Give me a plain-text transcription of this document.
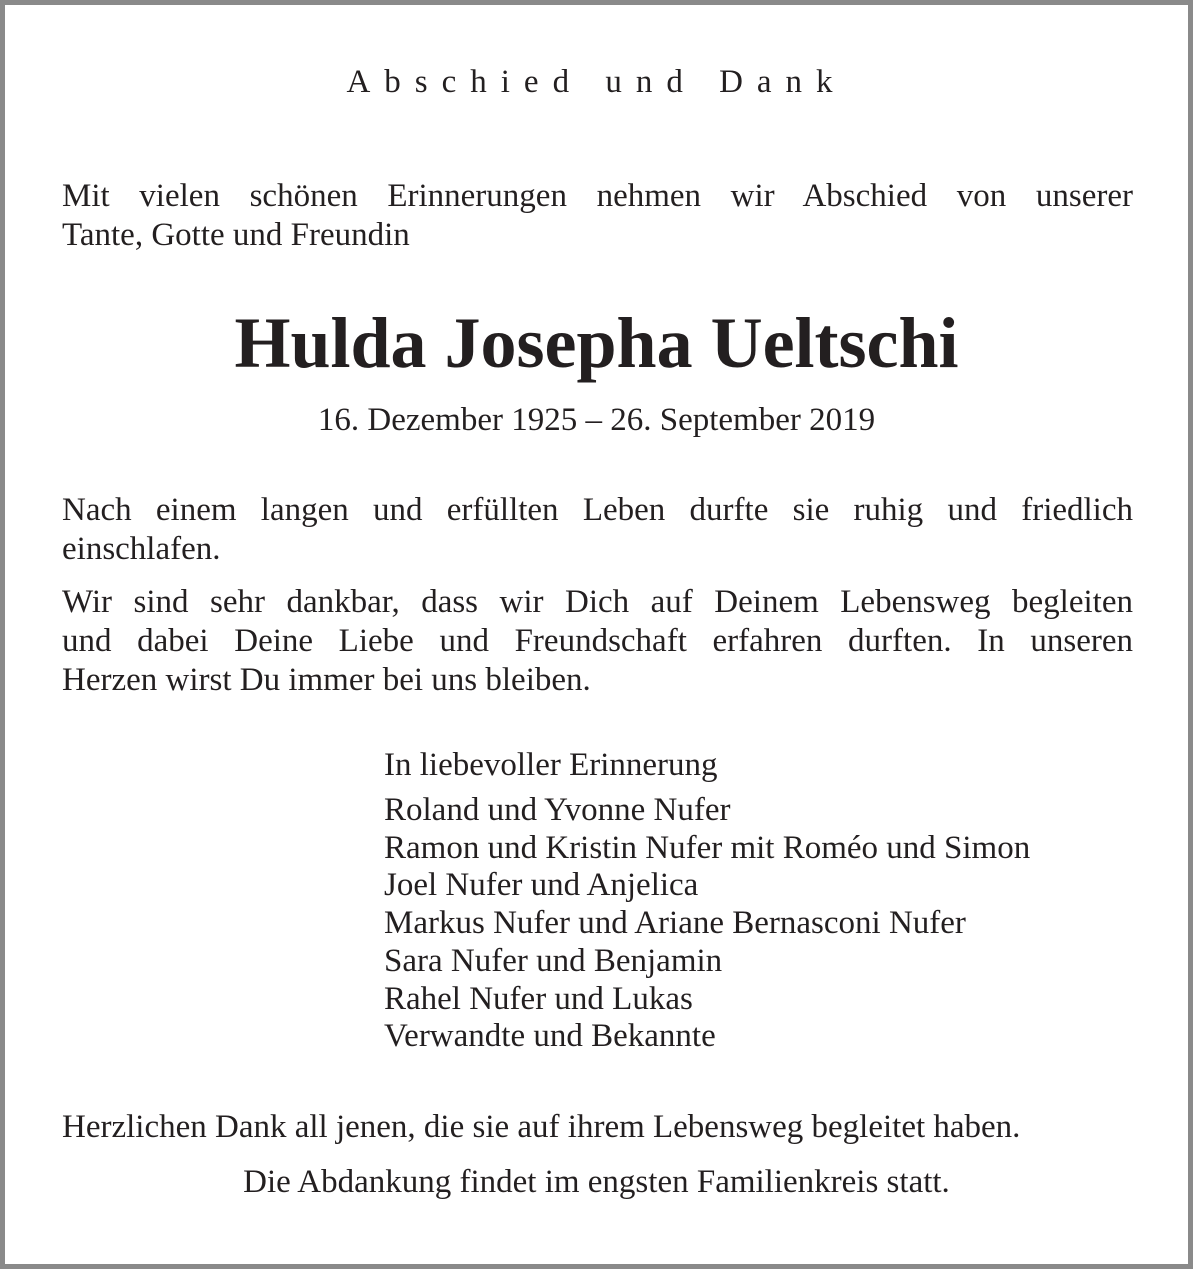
Abschied und Dank
Mit vielen schönen Erinnerungen nehmen wir Abschied von unserer
Tante, Gotte und Freundin
Hulda Josepha Ueltschi
16. Dezember 1925 – 26. September 2019
Nach einem langen und erfüllten Leben durfte sie ruhig und friedlich
einschlafen.
Wir sind sehr dankbar, dass wir Dich auf Deinem Lebensweg begleiten
und dabei Deine Liebe und Freundschaft erfahren durften. In unseren
Herzen wirst Du immer bei uns bleiben.
In liebevoller Erinnerung
Roland und Yvonne Nufer
Ramon und Kristin Nufer mit Roméo und Simon
Joel Nufer und Anjelica
Markus Nufer und Ariane Bernasconi Nufer
Sara Nufer und Benjamin
Rahel Nufer und Lukas
Verwandte und Bekannte
Herzlichen Dank all jenen, die sie auf ihrem Lebensweg begleitet haben.
Die Abdankung findet im engsten Familienkreis statt.
